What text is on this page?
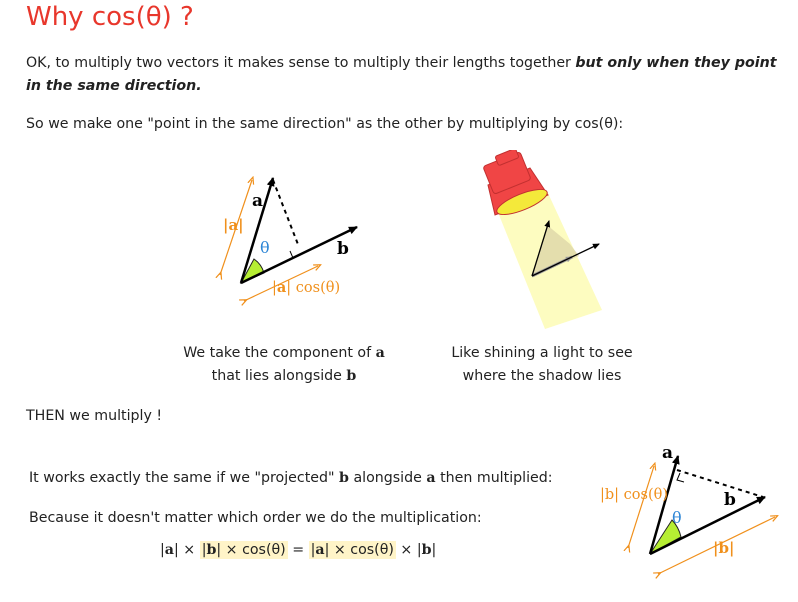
Why cos(θ) ?
OK, to multiply two vectors it makes sense to multiply their lengths together but only when they point in the same direction.
So we make one "point in the same direction" as the other by multiplying by cos(θ):
a
b
θ
|a|
|a| cos(θ)
We take the component of a
that lies alongside b
Like shining a light to see
where the shadow lies
THEN we multiply !
It works exactly the same if we "projected" b alongside a then multiplied:
Because it doesn't matter which order we do the multiplication:
|a| × |b| × cos(θ) = |a| × cos(θ) × |b|
a
b
θ
|b| cos(θ)
|b|
